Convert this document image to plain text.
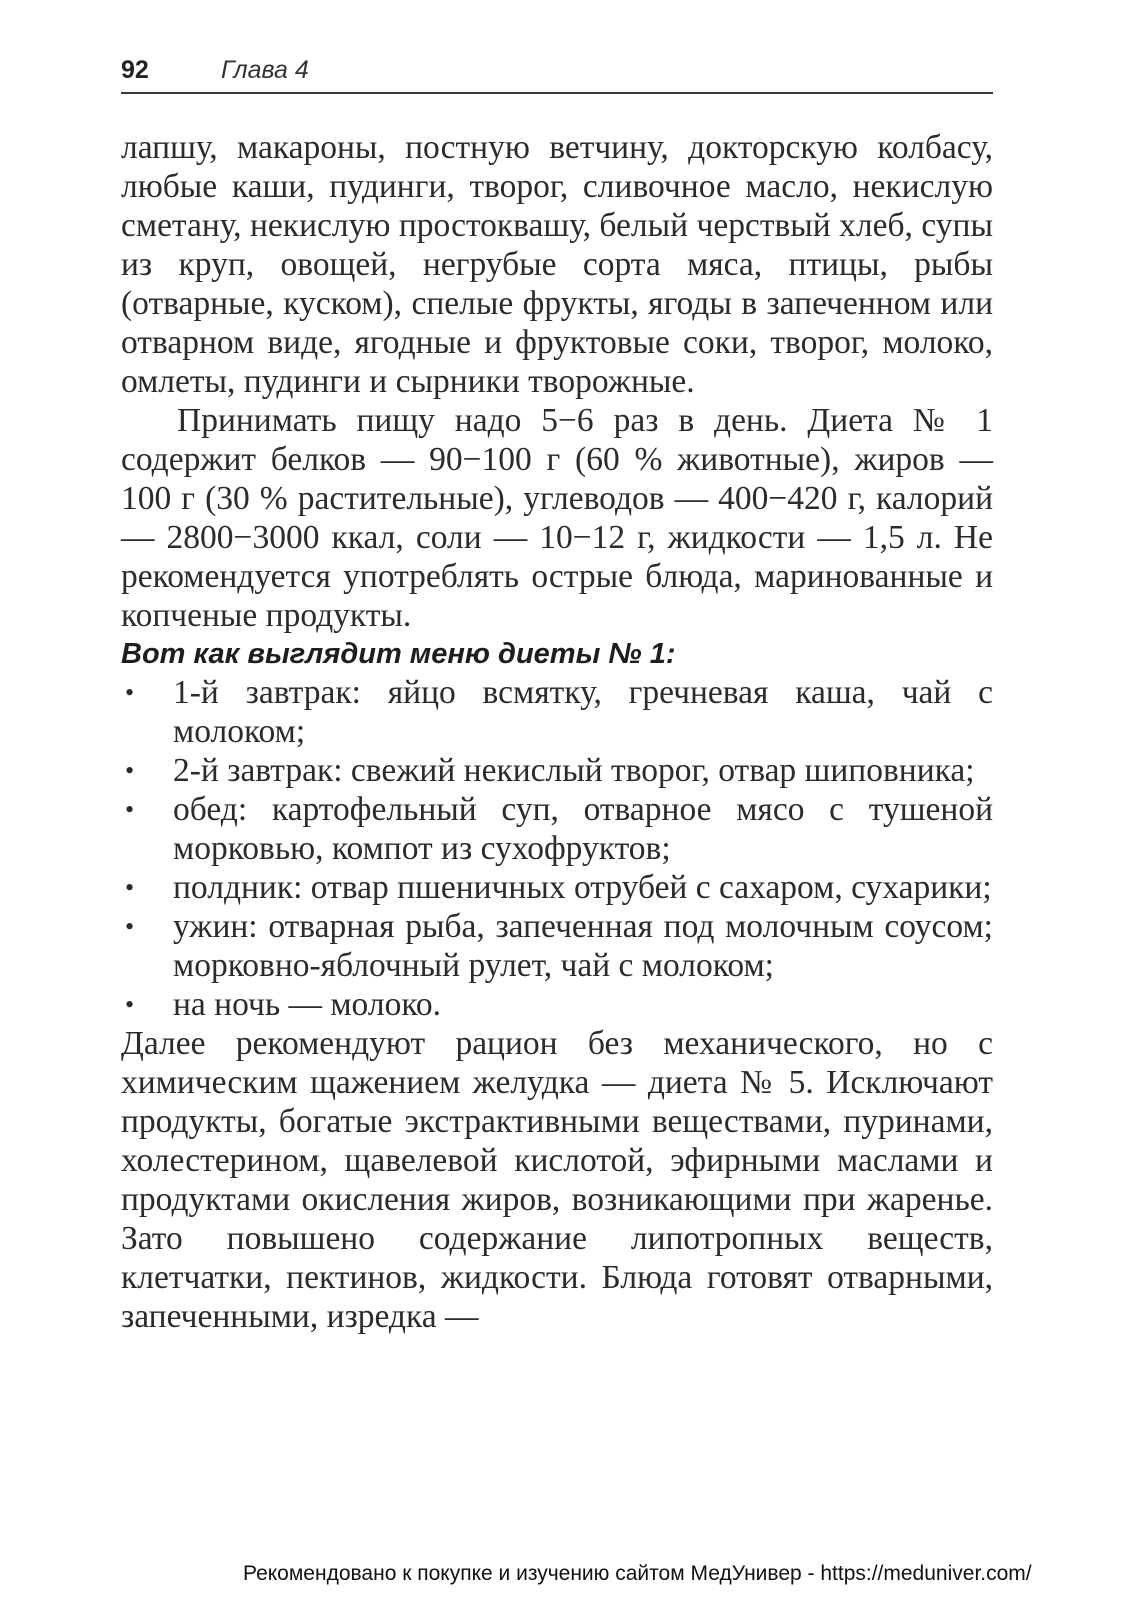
92	Глава 4

лапшу, макароны, постную ветчину, докторскую колбасу, любые каши, пудинги, творог, сливочное масло, некислую сметану, некислую простоквашу, белый черствый хлеб, супы из круп, овощей, негрубые сорта мяса, птицы, рыбы (отварные, куском), спелые фрукты, ягоды в запеченном или отварном виде, ягодные и фруктовые соки, творог, молоко, омлеты, пудинги и сырники творожные.

Принимать пищу надо 5−6 раз в день. Диета № 1 содержит белков — 90−100 г (60 % животные), жиров — 100 г (30 % растительные), углеводов — 400−420 г, калорий — 2800−3000 ккал, соли — 10−12 г, жидкости — 1,5 л. Не рекомендуется употреблять острые блюда, маринованные и копченые продукты.

Вот как выглядит меню диеты № 1:

• 1-й завтрак: яйцо всмятку, гречневая каша, чай с молоком;
• 2-й завтрак: свежий некислый творог, отвар шиповника;
• обед: картофельный суп, отварное мясо с тушеной морковью, компот из сухофруктов;
• полдник: отвар пшеничных отрубей с сахаром, сухарики;
• ужин: отварная рыба, запеченная под молочным соусом; морковно-яблочный рулет, чай с молоком;
• на ночь — молоко.

Далее рекомендуют рацион без механического, но с химическим щажением желудка — диета № 5. Исключают продукты, богатые экстрактивными веществами, пуринами, холестерином, щавелевой кислотой, эфирными маслами и продуктами окисления жиров, возникающими при жаренье. Зато повышено содержание липотропных веществ, клетчатки, пектинов, жидкости. Блюда готовят отварными, запеченными, изредка —

Рекомендовано к покупке и изучению сайтом МедУнивер - https://meduniver.com/
